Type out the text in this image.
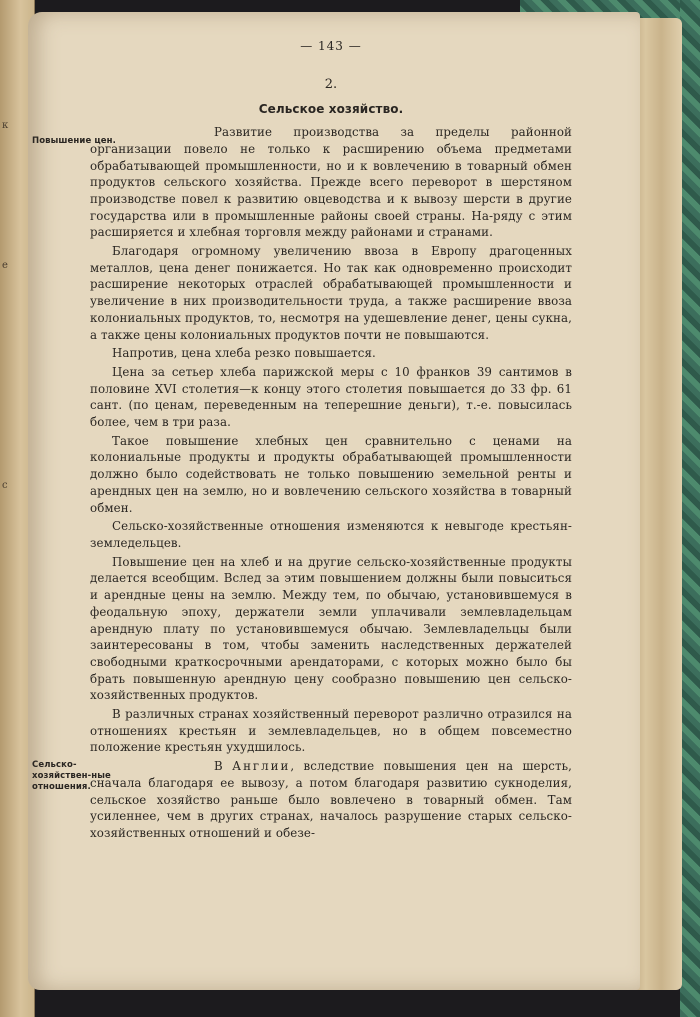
к
е
с
— 143 —
2.
Сельское хозяйство.
Повышение цен.

Развитие производства за пределы районной организации повело не только к расширению объема предметами обрабатывающей промышленности, но и к вовлечению в товарный обмен продуктов сельского хозяйства. Прежде всего переворот в шерстяном производстве повел к развитию овцеводства и к вывозу шерсти в другие государства или в промышленные районы своей страны. На-ряду с этим расширяется и хлебная торговля между районами и странами.

Благодаря огромному увеличению ввоза в Европу драгоценных металлов, цена денег понижается. Но так как одновременно происходит расширение некоторых отраслей обрабатывающей промышленности и увеличение в них производительности труда, а также расширение ввоза колониальных продуктов, то, несмотря на удешевление денег, цены сукна, а также цены колониальных продуктов почти не повышаются.

Напротив, цена хлеба резко повышается.

Цена за сетьер хлеба парижской меры с 10 франков 39 сантимов в половине XVI столетия—к концу этого столетия повышается до 33 фр. 61 сант. (по ценам, переведенным на теперешние деньги), т.-е. повысилась более, чем в три раза.

Такое повышение хлебных цен сравнительно с ценами на колониальные продукты и продукты обрабатывающей промышленности должно было содействовать не только повышению земельной ренты и арендных цен на землю, но и вовлечению сельского хозяйства в товарный обмен.

Сельско-хозяйственные отношения изменяются к невыгоде крестьян-земледельцев.

Повышение цен на хлеб и на другие сельско-хозяйственные продукты делается всеобщим. Вслед за этим повышением должны были повыситься и арендные цены на землю. Между тем, по обычаю, установившемуся в феодальную эпоху, держатели земли уплачивали землевладельцам арендную плату по установившемуся обычаю. Землевладельцы были заинтересованы в том, чтобы заменить наследственных держателей свободными краткосрочными арендаторами, с которых можно было бы брать повышенную арендную цену сообразно повышению цен сельско-хозяйственных продуктов.

В различных странах хозяйственный переворот различно отразился на отношениях крестьян и землевладельцев, но в общем повсеместно положение крестьян ухудшилось.

Сельско-хозяйствен-ные отношения.

В Англии, вследствие повышения цен на шерсть, сначала благодаря ее вывозу, а потом благодаря развитию сукноделия, сельское хозяйство раньше было вовлечено в товарный обмен. Там усиленнее, чем в других странах, началось разрушение старых сельско-хозяйственных отношений и обезе-
